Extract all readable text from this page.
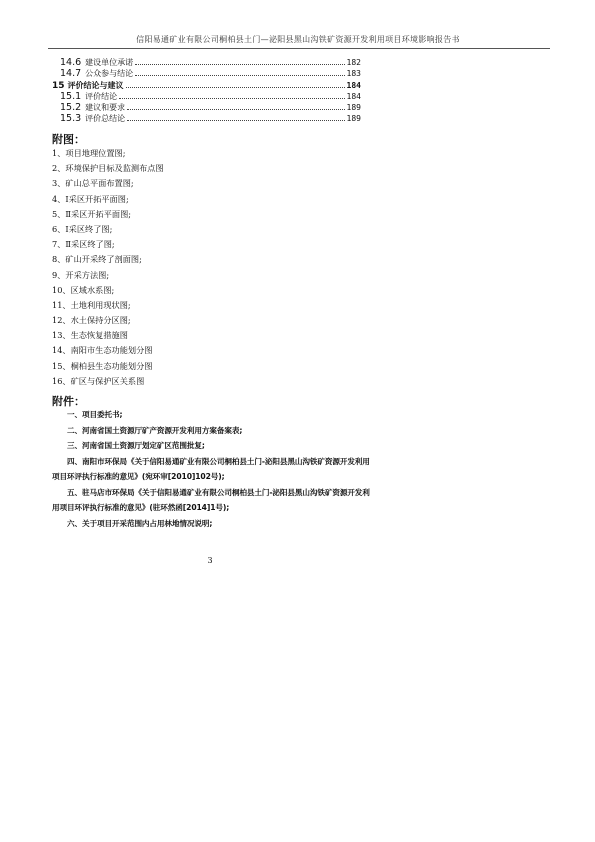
信阳易通矿业有限公司桐柏县土门—泌阳县黑山沟铁矿资源开发利用项目环境影响报告书
14.6 建设单位承诺	182
14.7 公众参与结论	183
15 评价结论与建议	184
15.1 评价结论	184
15.2 建议和要求	189
15.3 评价总结论	189
附图：
1、项目地理位置图;
2、环境保护目标及监测布点图
3、矿山总平面布置图;
4、Ⅰ采区开拓平面图;
5、Ⅱ采区开拓平面图;
6、Ⅰ采区终了图;
7、Ⅱ采区终了图;
8、矿山开采终了剖面图;
9、开采方法图;
10、区域水系图;
11、土地利用现状图;
12、水土保持分区图;
13、生态恢复措施图
14、南阳市生态功能划分图
15、桐柏县生态功能划分图
16、矿区与保护区关系图
附件：
一、项目委托书;
二、河南省国土资源厅矿产资源开发利用方案备案表;
三、河南省国土资源厅划定矿区范围批复;
四、南阳市环保局《关于信阳易通矿业有限公司桐柏县土门-泌阳县黑山沟铁矿资源开发利用项目环评执行标准的意见》(宛环审[2010]102号);
五、驻马店市环保局《关于信阳易通矿业有限公司桐柏县土门-泌阳县黑山沟铁矿资源开发利用项目环评执行标准的意见》(驻环然函[2014]1号);
六、关于项目开采范围内占用林地情况说明;
3
